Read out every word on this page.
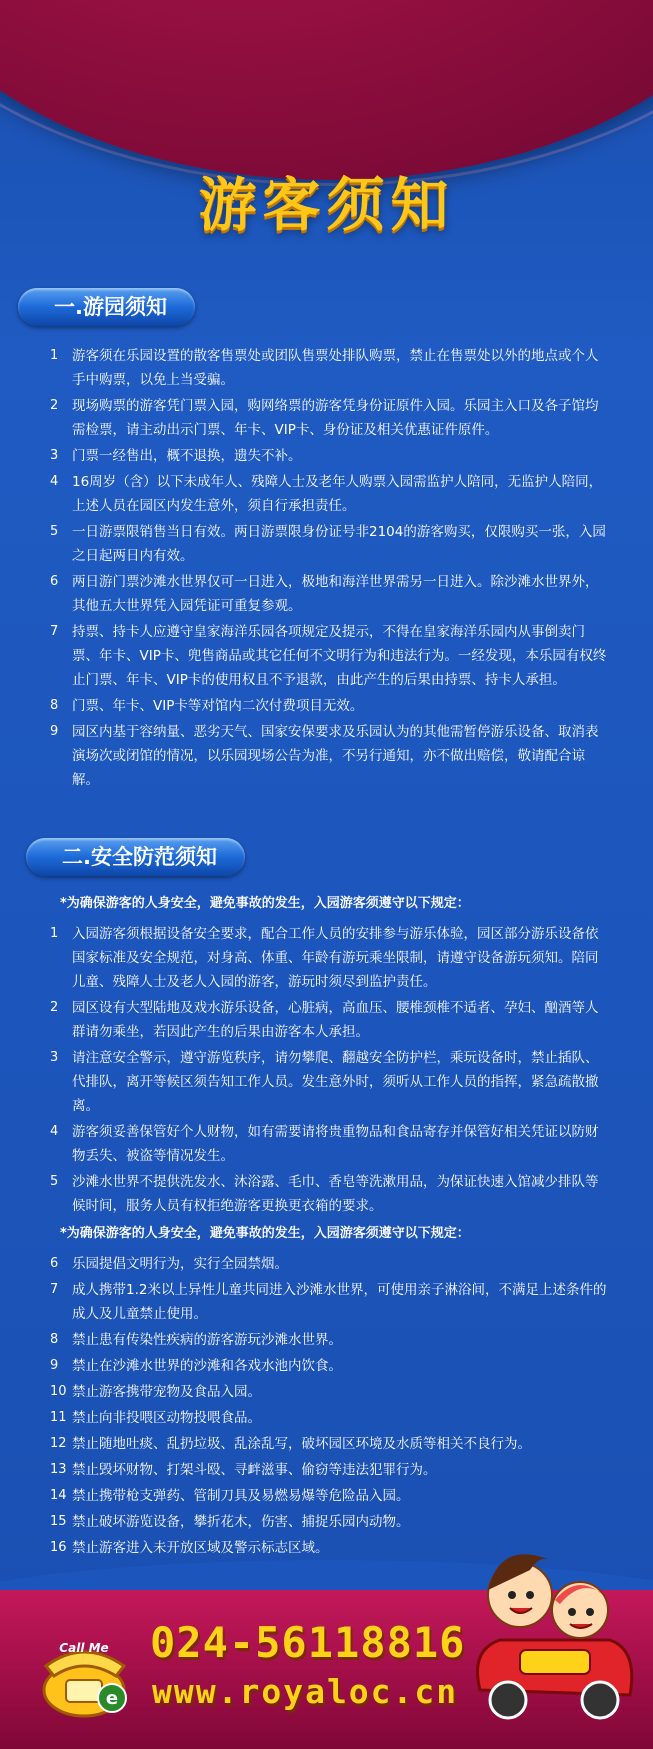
游客须知
一.游园须知
1	游客须在乐园设置的散客售票处或团队售票处排队购票，禁止在售票处以外的地点或个人手中购票，以免上当受骗。
2	现场购票的游客凭门票入园，购网络票的游客凭身份证原件入园。乐园主入口及各子馆均需检票，请主动出示门票、年卡、VIP卡、身份证及相关优惠证件原件。
3	门票一经售出，概不退换，遗失不补。
4	16周岁（含）以下未成年人、残障人士及老年人购票入园需监护人陪同，无监护人陪同，上述人员在园区内发生意外，须自行承担责任。
5	一日游票限销售当日有效。两日游票限身份证号非2104的游客购买，仅限购买一张，入园之日起两日内有效。
6	两日游门票沙滩水世界仅可一日进入，极地和海洋世界需另一日进入。除沙滩水世界外，其他五大世界凭入园凭证可重复参观。
7	持票、持卡人应遵守皇家海洋乐园各项规定及提示，不得在皇家海洋乐园内从事倒卖门票、年卡、VIP卡、兜售商品或其它任何不文明行为和违法行为。一经发现，本乐园有权终止门票、年卡、VIP卡的使用权且不予退款，由此产生的后果由持票、持卡人承担。
8	门票、年卡、VIP卡等对馆内二次付费项目无效。
9	园区内基于容纳量、恶劣天气、国家安保要求及乐园认为的其他需暂停游乐设备、取消表演场次或闭馆的情况，以乐园现场公告为准，不另行通知，亦不做出赔偿，敬请配合谅解。
二.安全防范须知
*为确保游客的人身安全，避免事故的发生，入园游客须遵守以下规定：
1	入园游客须根据设备安全要求，配合工作人员的安排参与游乐体验，园区部分游乐设备依国家标准及安全规范，对身高、体重、年龄有游玩乘坐限制，请遵守设备游玩须知。陪同儿童、残障人士及老人入园的游客，游玩时须尽到监护责任。
2	园区设有大型陆地及戏水游乐设备，心脏病，高血压、腰椎颈椎不适者、孕妇、酗酒等人群请勿乘坐，若因此产生的后果由游客本人承担。
3	请注意安全警示，遵守游览秩序，请勿攀爬、翻越安全防护栏，乘玩设备时，禁止插队、代排队，离开等候区须告知工作人员。发生意外时，须听从工作人员的指挥，紧急疏散撤离。
4	游客须妥善保管好个人财物，如有需要请将贵重物品和食品寄存并保管好相关凭证以防财物丢失、被盗等情况发生。
5	沙滩水世界不提供洗发水、沐浴露、毛巾、香皂等洗漱用品，为保证快速入馆减少排队等候时间，服务人员有权拒绝游客更换更衣箱的要求。
*为确保游客的人身安全，避免事故的发生，入园游客须遵守以下规定：
6	乐园提倡文明行为，实行全园禁烟。
7	成人携带1.2米以上异性儿童共同进入沙滩水世界，可使用亲子淋浴间，不满足上述条件的成人及儿童禁止使用。
8	禁止患有传染性疾病的游客游玩沙滩水世界。
9	禁止在沙滩水世界的沙滩和各戏水池内饮食。
10 禁止游客携带宠物及食品入园。
11 禁止向非投喂区动物投喂食品。
12 禁止随地吐痰、乱扔垃圾、乱涂乱写，破坏园区环境及水质等相关不良行为。
13 禁止毁坏财物、打架斗殴、寻衅滋事、偷窃等违法犯罪行为。
14 禁止携带枪支弹药、管制刀具及易燃易爆等危险品入园。
15 禁止破坏游览设备，攀折花木，伤害、捕捉乐园内动物。
16 禁止游客进入未开放区域及警示标志区域。
e
Call Me 024-56118816
www.royaloc.cn
